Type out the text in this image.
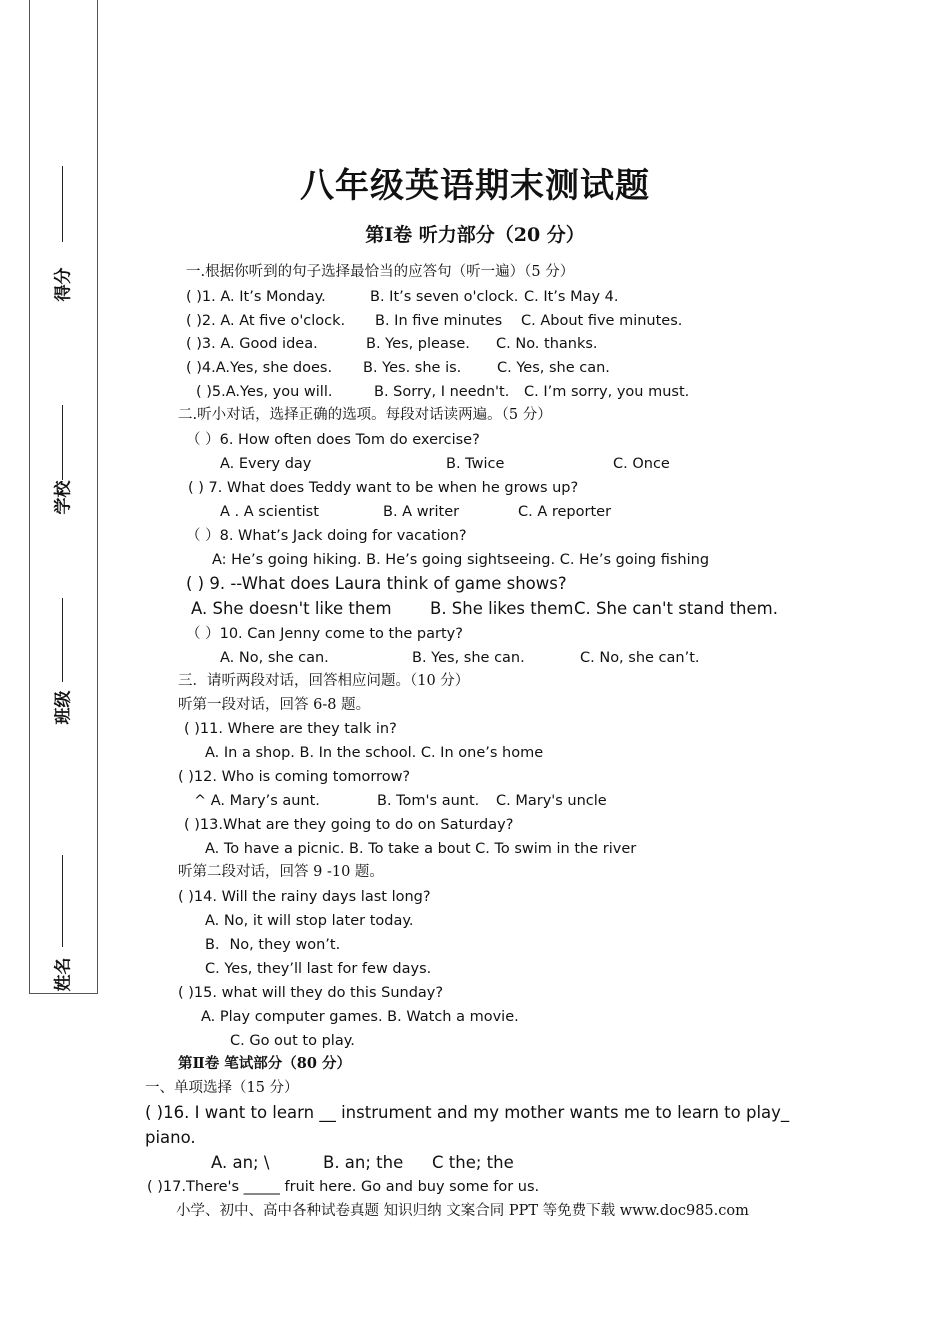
得分
学校
班级
姓名
八年级英语期末测试题
第Ⅰ卷 听力部分（20 分）
一.根据你听到的句子选择最恰当的应答句（听一遍）（5 分）
( )1. A. It’s Monday.	B. It’s seven o'clock. C. It’s May 4.
( )2. A. At five o'clock. B. In five minutes C. About five minutes.
( )3. A. Good idea.	B. Yes, please. C. No. thanks.
( )4.A.Yes, she does. B. Yes. she is. C. Yes, she can.
( )5.A.Yes, you will.	B. Sorry, I needn't. C. I’m sorry, you must.
二.听小对话，选择正确的选项。每段对话读两遍。（5 分）
（ ）6. How often does Tom do exercise?
A. Every day	B. Twice	C. Once
( ) 7. What does Teddy want to be when he grows up?
A . A scientist	B. A writer	C. A reporter
（ ）8. What’s Jack doing for vacation?
A: He’s going hiking. B. He’s going sightseeing. C. He’s going fishing
( ) 9. --What does Laura think of game shows?
A. She doesn't like them B. She likes them C. She can't stand them.
（ ）10. Can Jenny come to the party?
A. No, she can.	B. Yes, she can.	C. No, she can’t.
三．请听两段对话，回答相应问题。（10 分）
听第一段对话，回答 6-8 题。
( )11. Where are they talk in?
A. In a shop. B. In the school. C. In one’s home
( )12. Who is coming tomorrow?
^ A. Mary’s aunt.	B. Tom's aunt. C. Mary's uncle
( )13.What are they going to do on Saturday?
A. To have a picnic. B. To take a bout C. To swim in the river
听第二段对话，回答 9 -10 题。
( )14. Will the rainy days last long?
A. No, it will stop later today.
B．No, they won’t.
C. Yes, they’ll last for few days.
( )15. what will they do this Sunday?
A. Play computer games. B. Watch a movie.
C. Go out to play.
第Ⅱ卷 笔试部分（80 分）
一、单项选择（15 分）
( )16. I want to learn __ instrument and my mother wants me to learn to play_
piano.
A. an; \	B. an; the C the; the
( )17.There's _____ fruit here. Go and buy some for us.
小学、初中、高中各种试卷真题 知识归纳 文案合同 PPT 等免费下载 www.doc985.com
